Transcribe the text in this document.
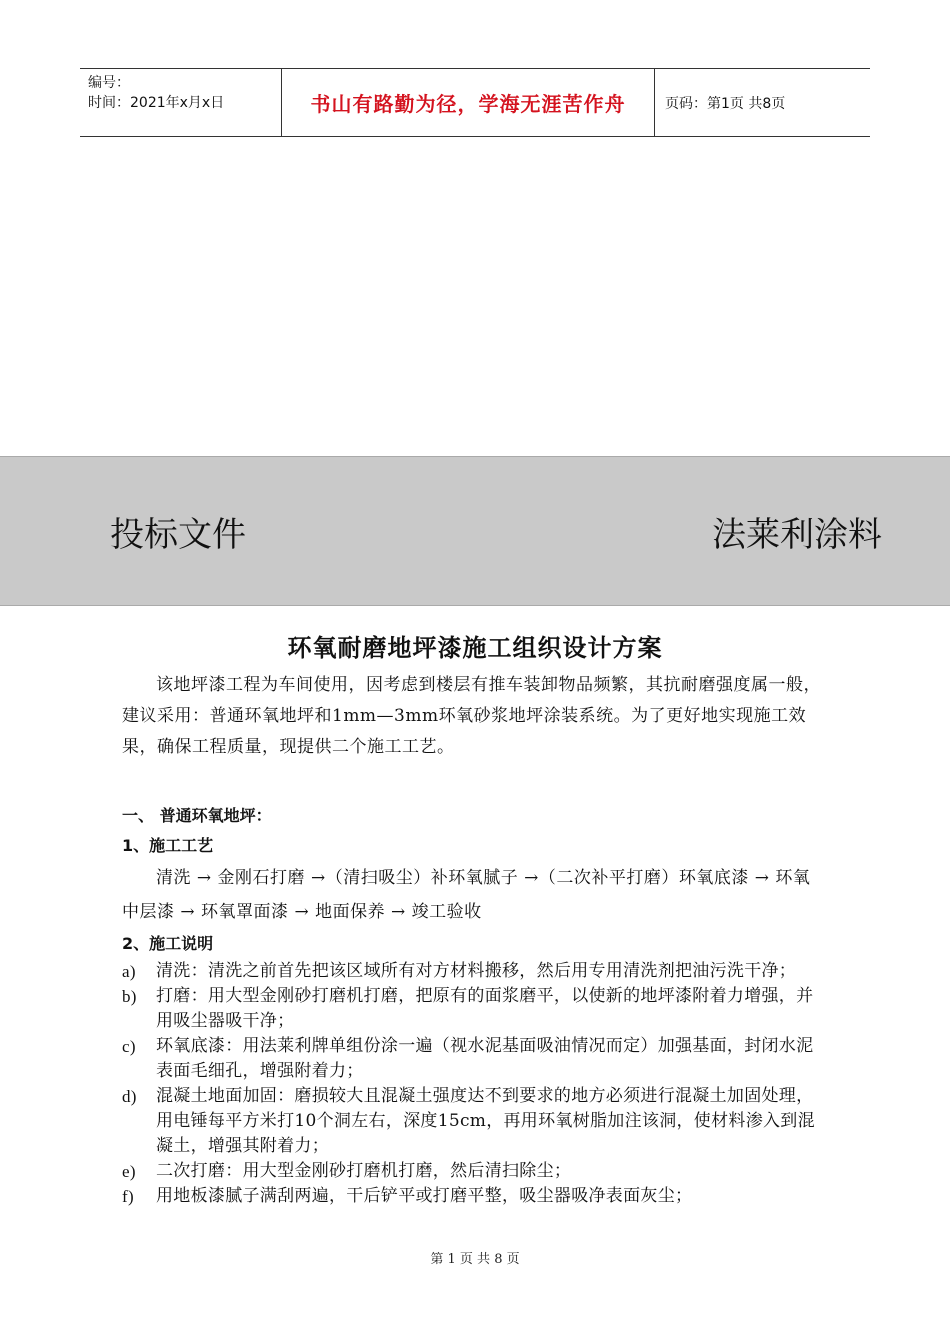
编号：
时间：2021年x月x日	书山有路勤为径，学海无涯苦作舟	页码：第1页 共8页
投标文件	法莱利涂料
环氧耐磨地坪漆施工组织设计方案

该地坪漆工程为车间使用，因考虑到楼层有推车装卸物品频繁，其抗耐磨强度属一般，建议采用：普通环氧地坪和1mm—3mm环氧砂浆地坪涂装系统。为了更好地实现施工效果，确保工程质量，现提供二个施工工艺。

一、 普通环氧地坪：

1、施工工艺

清洗 → 金刚石打磨 →（清扫吸尘）补环氧腻子 →（二次补平打磨）环氧底漆 → 环氧中层漆 → 环氧罩面漆 → 地面保养 → 竣工验收

2、施工说明

a) 清洗：清洗之前首先把该区域所有对方材料搬移，然后用专用清洗剂把油污洗干净；
b) 打磨：用大型金刚砂打磨机打磨，把原有的面浆磨平，以使新的地坪漆附着力增强，并用吸尘器吸干净；
c) 环氧底漆：用法莱利牌单组份涂一遍（视水泥基面吸油情况而定）加强基面，封闭水泥表面毛细孔，增强附着力；
d) 混凝土地面加固：磨损较大且混凝土强度达不到要求的地方必须进行混凝土加固处理，用电锤每平方米打10个洞左右，深度15cm，再用环氧树脂加注该洞，使材料渗入到混凝土，增强其附着力；
e) 二次打磨：用大型金刚砂打磨机打磨，然后清扫除尘；
f) 用地板漆腻子满刮两遍，干后铲平或打磨平整，吸尘器吸净表面灰尘；
第 1 页 共 8 页
